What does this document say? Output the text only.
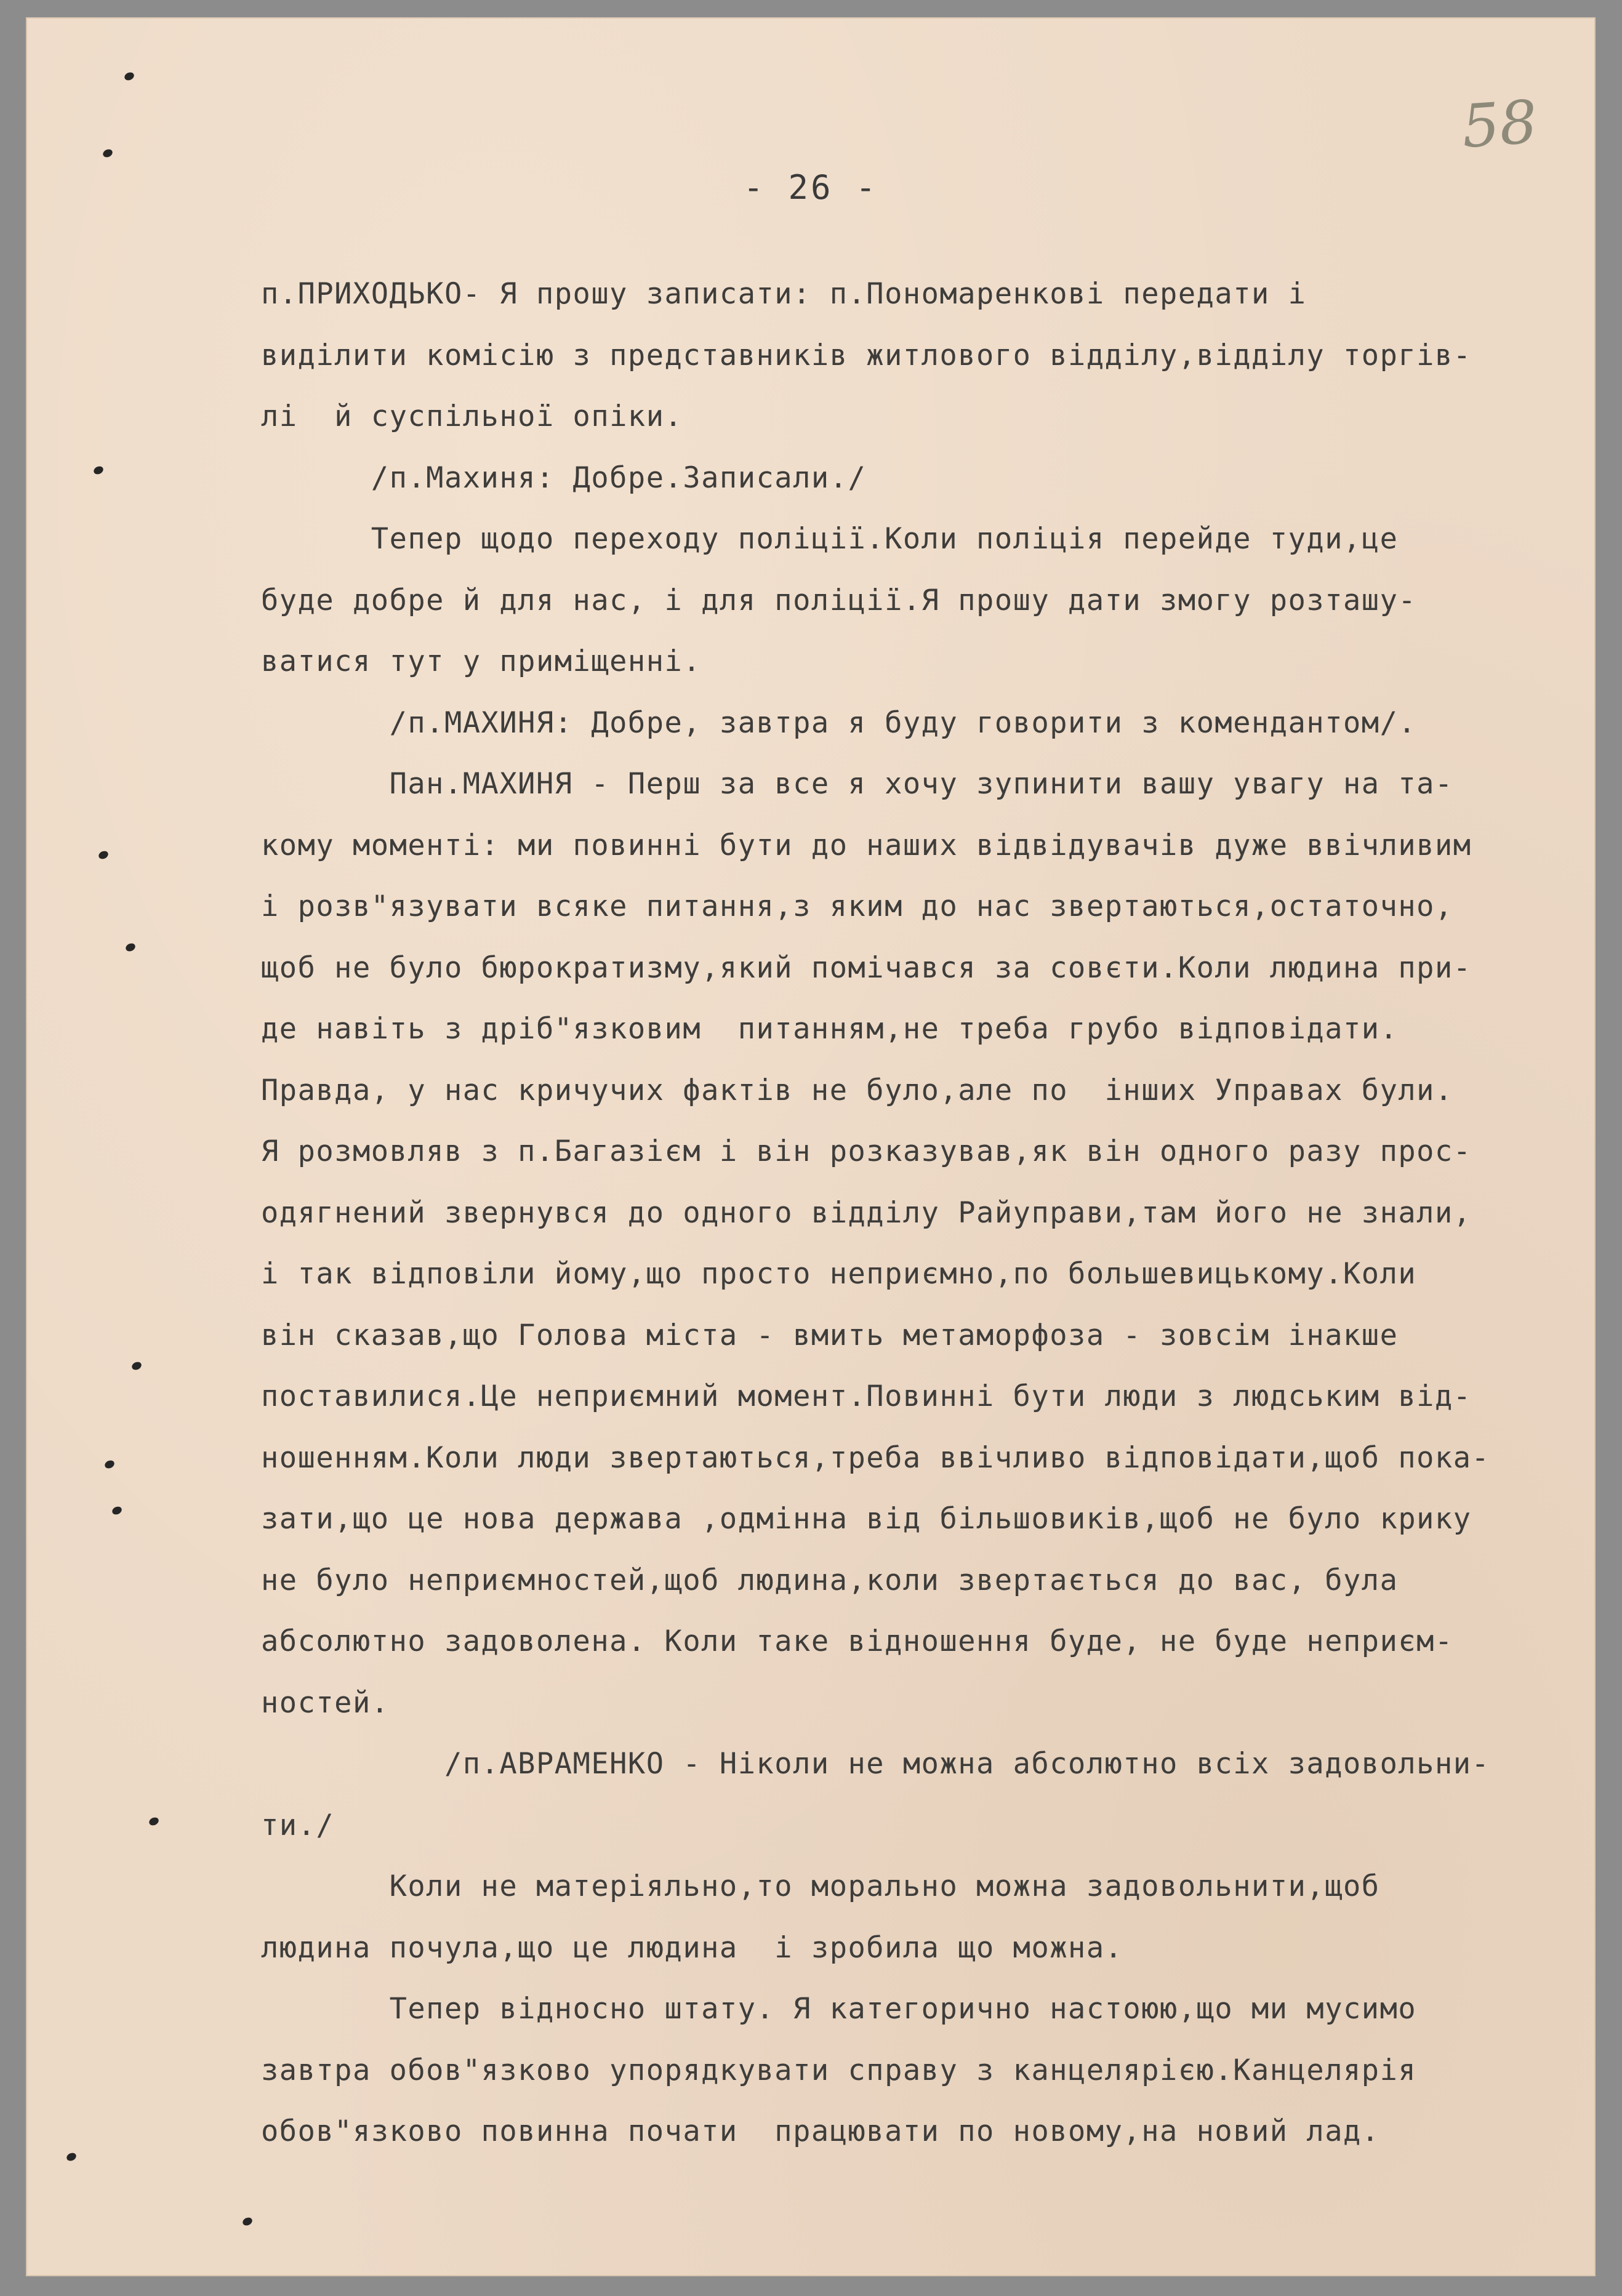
58
- 26 -

п.ПРИХОДЬКО- Я прошу записати: п.Пономаренкові передати і

виділити комісію з представників житлового відділу,відділу торгів-

лі  й суспільної опіки.

/п.Махиня: Добре.Записали./

Тепер щодо переходу поліції.Коли поліція перейде туди,це

буде добре й для нас, і для поліції.Я прошу дати змогу розташу-

ватися тут у приміщенні.

/п.МАХИНЯ: Добре, завтра я буду говорити з комендантом/.

Пан.МАХИНЯ - Перш за все я хочу зупинити вашу увагу на та-

кому моменті: ми повинні бути до наших відвідувачів дуже ввічливим

і розв"язувати всяке питання,з яким до нас звертаються,остаточно,

щоб не було бюрократизму,який помічався за совєти.Коли людина при-

де навіть з дріб"язковим  питанням,не треба грубо відповідати.

Правда, у нас кричучих фактів не було,але по  інших Управах були.

Я розмовляв з п.Багазієм і він розказував,як він одного разу прос-

одягнений звернувся до одного відділу Райуправи,там його не знали,

і так відповіли йому,що просто неприємно,по большевицькому.Коли

він сказав,що Голова міста - вмить метаморфоза - зовсім інакше

поставилися.Це неприємний момент.Повинні бути люди з людським від-

ношенням.Коли люди звертаються,треба ввічливо відповідати,щоб пока-

зати,що це нова держава ,одмінна від більшовиків,щоб не було крику

не було неприємностей,щоб людина,коли звертається до вас, була

абсолютно задоволена. Коли таке відношення буде, не буде неприєм-

ностей.

/п.АВРАМЕНКО - Ніколи не можна абсолютно всіх задовольни-

ти./

Коли не матеріяльно,то морально можна задовольнити,щоб

людина почула,що це людина  і зробила що можна.

Тепер відносно штату. Я категорично настоюю,що ми мусимо

завтра обов"язково упорядкувати справу з канцелярією.Канцелярія

обов"язково повинна почати  працювати по новому,на новий лад.
